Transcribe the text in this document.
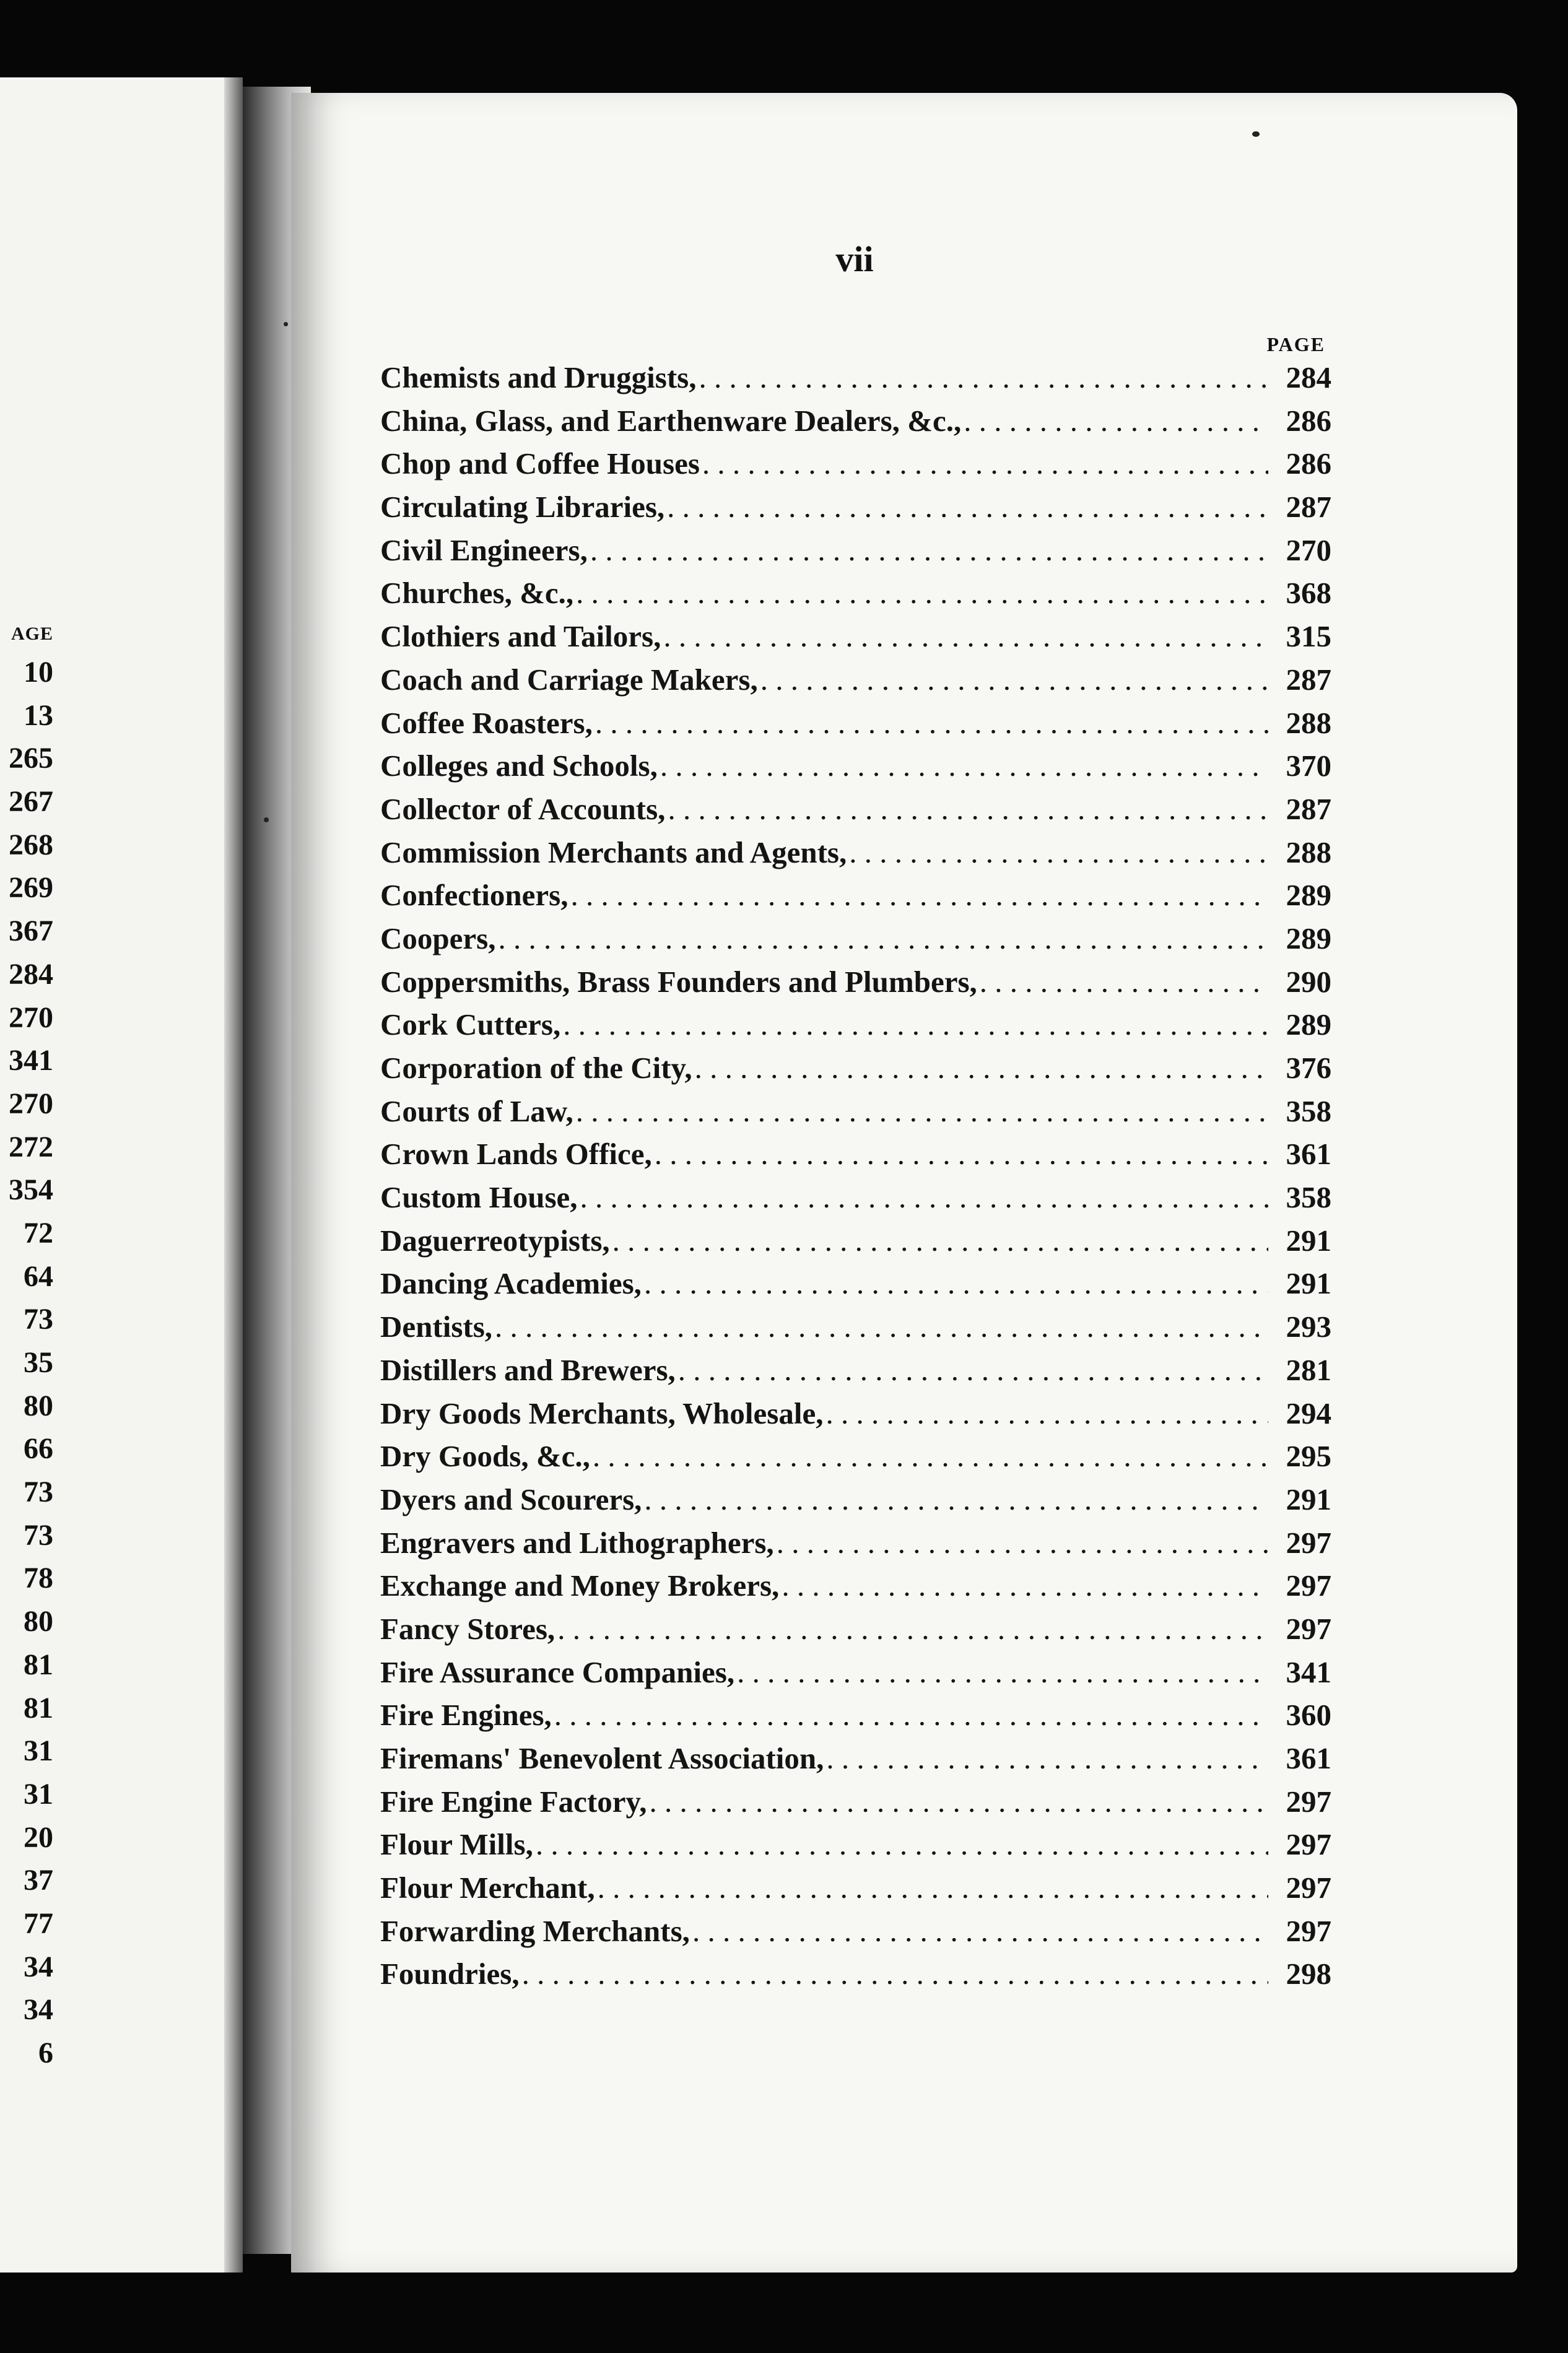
AGE
10
13
265
267
268
269
367
284
270
341
270
272
354
72
64
73
35
80
66
73
73
78
80
81
81
31
31
20
37
77
34
34
6
vii
PAGE
Chemists and Druggists, . . .	284
China, Glass, and Earthenware Dealers, &c., . . .	286
Chop and Coffee Houses . . .	286
Circulating Libraries, . . .	287
Civil Engineers, . . .	270
Churches, &c., . . .	368
Clothiers and Tailors, . . .	315
Coach and Carriage Makers, . . .	287
Coffee Roasters, . . .	288
Colleges and Schools, . . .	370
Collector of Accounts, . . .	287
Commission Merchants and Agents, . . .	288
Confectioners, . . .	289
Coopers, . . .	289
Coppersmiths, Brass Founders and Plumbers, . . .	290
Cork Cutters, . . .	289
Corporation of the City, . . .	376
Courts of Law, . . .	358
Crown Lands Office, . . .	361
Custom House, . . .	358
Daguerreotypists, . . .	291
Dancing Academies, . . .	291
Dentists, . . .	293
Distillers and Brewers, . . .	281
Dry Goods Merchants, Wholesale, . . .	294
Dry Goods, &c., . . .	295
Dyers and Scourers, . . .	291
Engravers and Lithographers, . . .	297
Exchange and Money Brokers, . . .	297
Fancy Stores, . . .	297
Fire Assurance Companies, . . .	341
Fire Engines, . . .	360
Firemans' Benevolent Association, . . .	361
Fire Engine Factory, . . .	297
Flour Mills, . . .	297
Flour Merchant, . . .	297
Forwarding Merchants, . . .	297
Foundries, . . .	298
